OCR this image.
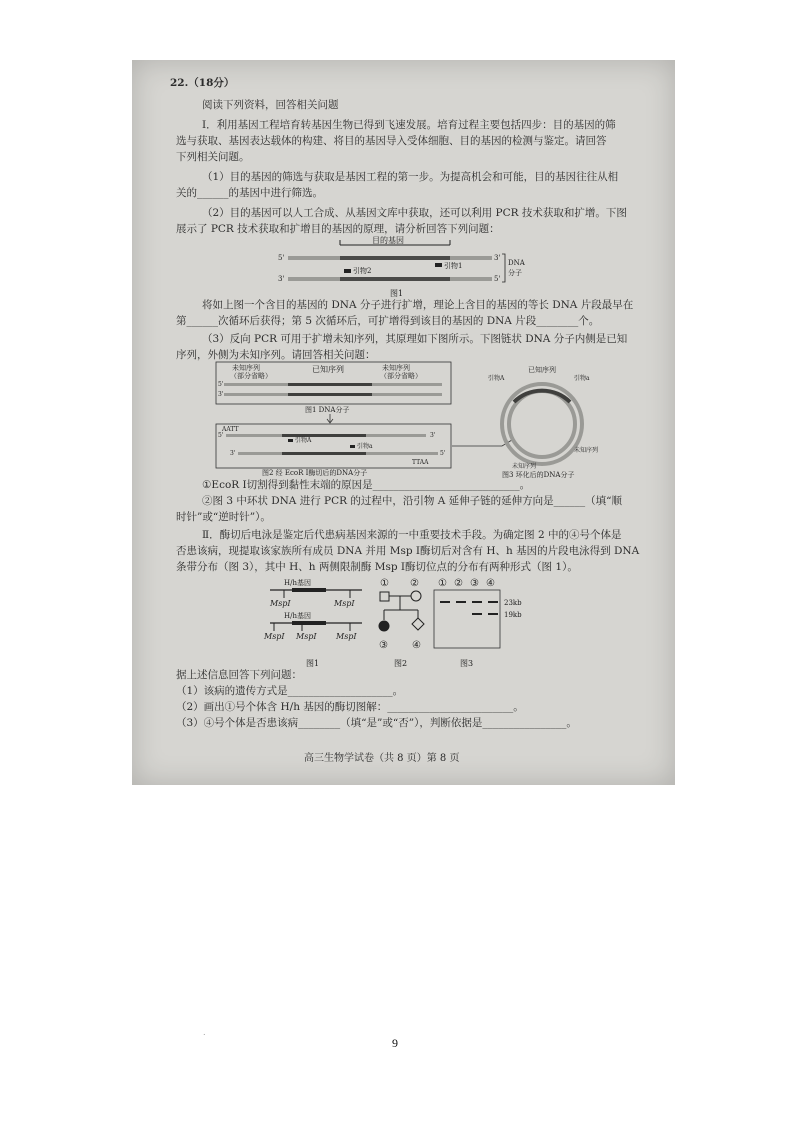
22.（18分）
阅读下列资料，回答相关问题
Ⅰ．利用基因工程培育转基因生物已得到飞速发展。培育过程主要包括四步：目的基因的筛
选与获取、基因表达载体的构建、将目的基因导入受体细胞、目的基因的检测与鉴定。请回答
下列相关问题。
（1）目的基因的筛选与获取是基因工程的第一步。为提高机会和可能，目的基因往往从相
关的______的基因中进行筛选。
（2）目的基因可以人工合成、从基因文库中获取，还可以利用 PCR 技术获取和扩增。下图
展示了 PCR 技术获取和扩增目的基因的原理，请分析回答下列问题：
目的基因
5'	3'
引物1
引物2
3'	5'
DNA
分子
图1
将如上图一个含目的基因的 DNA 分子进行扩增，理论上含目的基因的等长 DNA 片段最早在
第______次循环后获得；第 5 次循环后，可扩增得到该目的基因的 DNA 片段________个。
（3）反向 PCR 可用于扩增未知序列，其原理如下图所示。下图链状 DNA 分子内侧是已知
序列，外侧为未知序列。请回答相关问题：
未知序列
（部分省略）
已知序列	未知序列
（部分省略）
5'
3'
图1 DNA分子
AATT
5'	3'
引物A
引物a
3'	5'
TTAA
图2 经 EcoR I酶切后的DNA分子
已知序列
引物A	引物a
未知序列
未知序列
图3 环化后的DNA分子
①EcoR Ⅰ切割得到黏性末端的原因是____________________________。
②图 3 中环状 DNA 进行 PCR 的过程中，沿引物 A 延伸子链的延伸方向是______（填“顺
时针”或“逆时针”）。
Ⅱ．酶切后电泳是鉴定后代患病基因来源的一中重要技术手段。为确定图 2 中的④号个体是
否患该病，现提取该家族所有成员 DNA 并用 Msp Ⅰ酶切后对含有 H、h 基因的片段电泳得到 DNA
条带分布（图 3），其中 H、h 两侧限制酶 Msp Ⅰ酶切位点的分布有两种形式（图 1）。
H/h基因
MspⅠ	MspⅠ
H/h基因
MspⅠ MspⅠ MspⅠ
图1
① ②
③ ④
图2
① ② ③ ④
23kb
19kb
图3
据上述信息回答下列问题：
（1）该病的遗传方式是____________________。
（2）画出①号个体含 H/h 基因的酶切图解：________________________。
（3）④号个体是否患该病________（填“是”或“否”），判断依据是________________。
高三生物学试卷（共 8 页）第 8 页
.
9
